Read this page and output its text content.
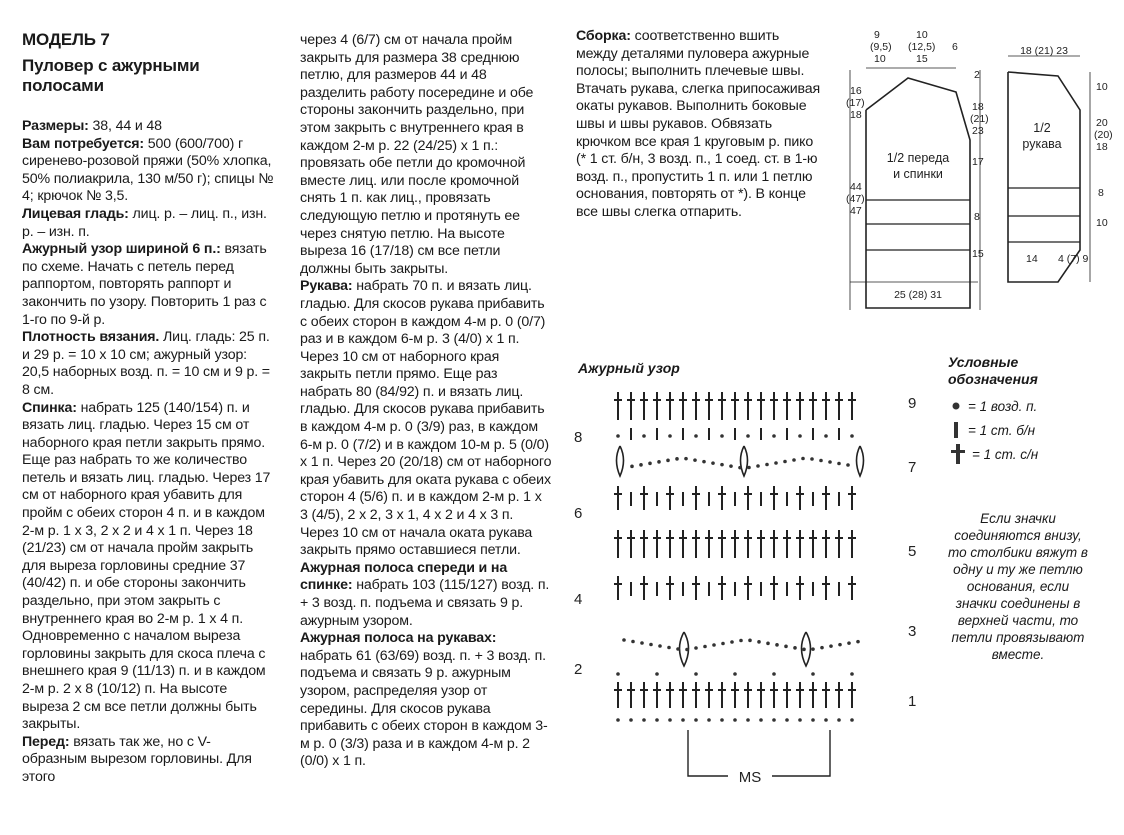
МОДЕЛЬ 7
Пуловер с ажурными
полосами
Размеры: 38, 44 и 48
Вам потребуется: 500 (600/700) г сиренево-розовой пряжи (50% хлопка, 50% полиакрила, 130 м/50 г); спицы № 4; крючок № 3,5.
Лицевая гладь: лиц. р. – лиц. п., изн. р. – изн. п.
Ажурный узор шириной 6 п.: вязать по схеме. Начать с петель перед раппортом, повторять раппорт и закончить по узору. Повторить 1 раз с 1-го по 9-й р.
Плотность вязания. Лиц. гладь: 25 п. и 29 р. = 10 x 10 см; ажурный узор: 20,5 наборных возд. п. = 10 см и 9 р. = 8 см.
Спинка: набрать 125 (140/154) п. и вязать лиц. гладью. Через 15 см от наборного края петли закрыть прямо. Еще раз набрать то же количество петель и вязать лиц. гладью. Через 17 см от наборного края убавить для пройм с обеих сторон 4 п. и в каждом 2-м р. 1 x 3, 2 x 2 и 4 x 1 п. Через 18 (21/23) см от начала пройм закрыть для выреза горловины средние 37 (40/42) п. и обе стороны закончить раздельно, при этом закрыть с внутреннего края во 2-м р. 1 x 4 п. Одновременно с началом выреза горловины закрыть для скоса плеча с внешнего края 9 (11/13) п. и в каждом 2-м р. 2 x 8 (10/12) п. На высоте выреза 2 см все петли должны быть закрыты.
Перед: вязать так же, но с V-образным вырезом горловины. Для этого
через 4 (6/7) см от начала пройм закрыть для размера 38 среднюю петлю, для размеров 44 и 48 разделить работу посередине и обе стороны закончить раздельно, при этом закрыть с внутреннего края в каждом 2-м р. 22 (24/25) x 1 п.: провязать обе петли до кромочной вместе лиц. или после кромочной снять 1 п. как лиц., провязать следующую петлю и протянуть ее через снятую петлю. На высоте выреза 16 (17/18) см все петли должны быть закрыты.
Рукава: набрать 70 п. и вязать лиц. гладью. Для скосов рукава прибавить с обеих сторон в каждом 4-м р. 0 (0/7) раз и в каждом 6-м р. 3 (4/0) x 1 п. Через 10 см от наборного края закрыть петли прямо. Еще раз набрать 80 (84/92) п. и вязать лиц. гладью. Для скосов рукава прибавить в каждом 4-м р. 0 (3/9) раз, в каждом 6-м р. 0 (7/2) и в каждом 10-м р. 5 (0/0) x 1 п. Через 20 (20/18) см от наборного края убавить для оката рукава с обеих сторон 4 (5/6) п. и в каждом 2-м р. 1 x 3 (4/5), 2 x 2, 3 x 1, 4 x 2 и 4 x 3 п. Через 10 см от начала оката рукава закрыть прямо оставшиеся петли.
Ажурная полоса спереди и на спинке: набрать 103 (115/127) возд. п. + 3 возд. п. подъема и связать 9 р. ажурным узором.
Ажурная полоса на рукавах: набрать 61 (63/69) возд. п. + 3 возд. п. подъема и связать 9 р. ажурным узором, распределяя узор от середины. Для скосов рукава прибавить с обеих сторон в каждом 3-м р. 0 (3/3) раза и в каждом 4-м р. 2 (0/0) x 1 п.
Сборка: соответственно вшить между деталями пуловера ажурные полосы; выполнить плечевые швы. Втачать рукава, слегка припосаживая окаты рукавов. Выполнить боковые швы и швы рукавов. Обвязать крючком все края 1 круговым р. пико (* 1 ст. б/н, 3 возд. п., 1 соед. ст. в 1-ю возд. п., пропустить 1 п. или 1 петлю основания, повторять от *). В конце все швы слегка отпарить.
9
(9,5)
10
10
(12,5)
15
6
2
18
(21)
23
17
8
15
16
(17)
18
44
(47)
47
1/2 переда
и спинки
25 (28) 31
18 (21) 23
10
20
(20)
18
8
10
1/2
рукава
14 4 (7) 9
Ажурный узор
9
7
5
3
1
8
6
4
2
MS
Условные
обозначения
= 1 возд. п.
= 1 ст. б/н
= 1 ст. с/н
Если значки соединяются внизу, то столбики вяжут в одну и ту же петлю основания, если значки соединены в верхней части, то петли провязывают вместе.
